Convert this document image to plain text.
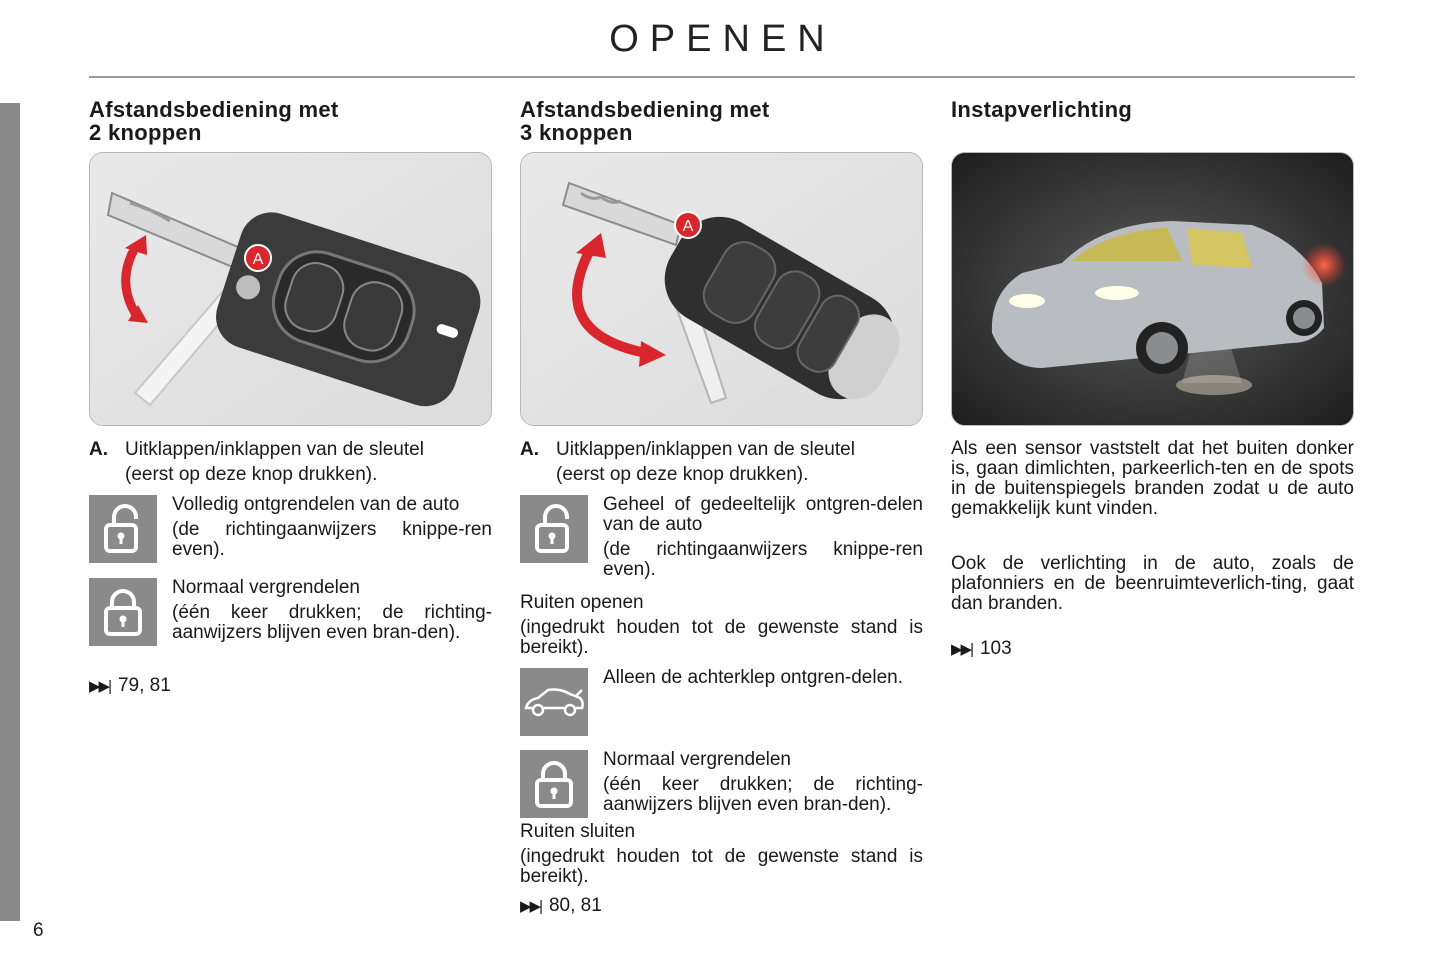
6
OPENEN
Afstandsbediening met
2 knoppen
A
A. Uitklappen/inklappen van de sleutel
(eerst op deze knop drukken).

Volledig ontgrendelen van de auto

(de richtingaanwijzers knippe-ren even).

Normaal vergrendelen

(één keer drukken; de richting-aanwijzers blijven even bran-den).

▶▶| 79, 81
Afstandsbediening met
3 knoppen
A
A. Uitklappen/inklappen van de sleutel
(eerst op deze knop drukken).

Geheel of gedeeltelijk ontgren-delen van de auto

(de richtingaanwijzers knippe-ren even).

Ruiten openen

(ingedrukt houden tot de gewenste stand is bereikt).

Alleen de achterklep ontgren-delen.

Normaal vergrendelen

(één keer drukken; de richting-aanwijzers blijven even bran-den).

Ruiten sluiten

(ingedrukt houden tot de gewenste stand is bereikt).

▶▶| 80, 81
Instapverlichting
Als een sensor vaststelt dat het buiten donker is, gaan dimlichten, parkeerlich-ten en de spots in de buitenspiegels branden zodat u de auto gemakkelijk kunt vinden.
Ook de verlichting in de auto, zoals de plafonniers en de beenruimteverlich-ting, gaat dan branden.
▶▶| 103
